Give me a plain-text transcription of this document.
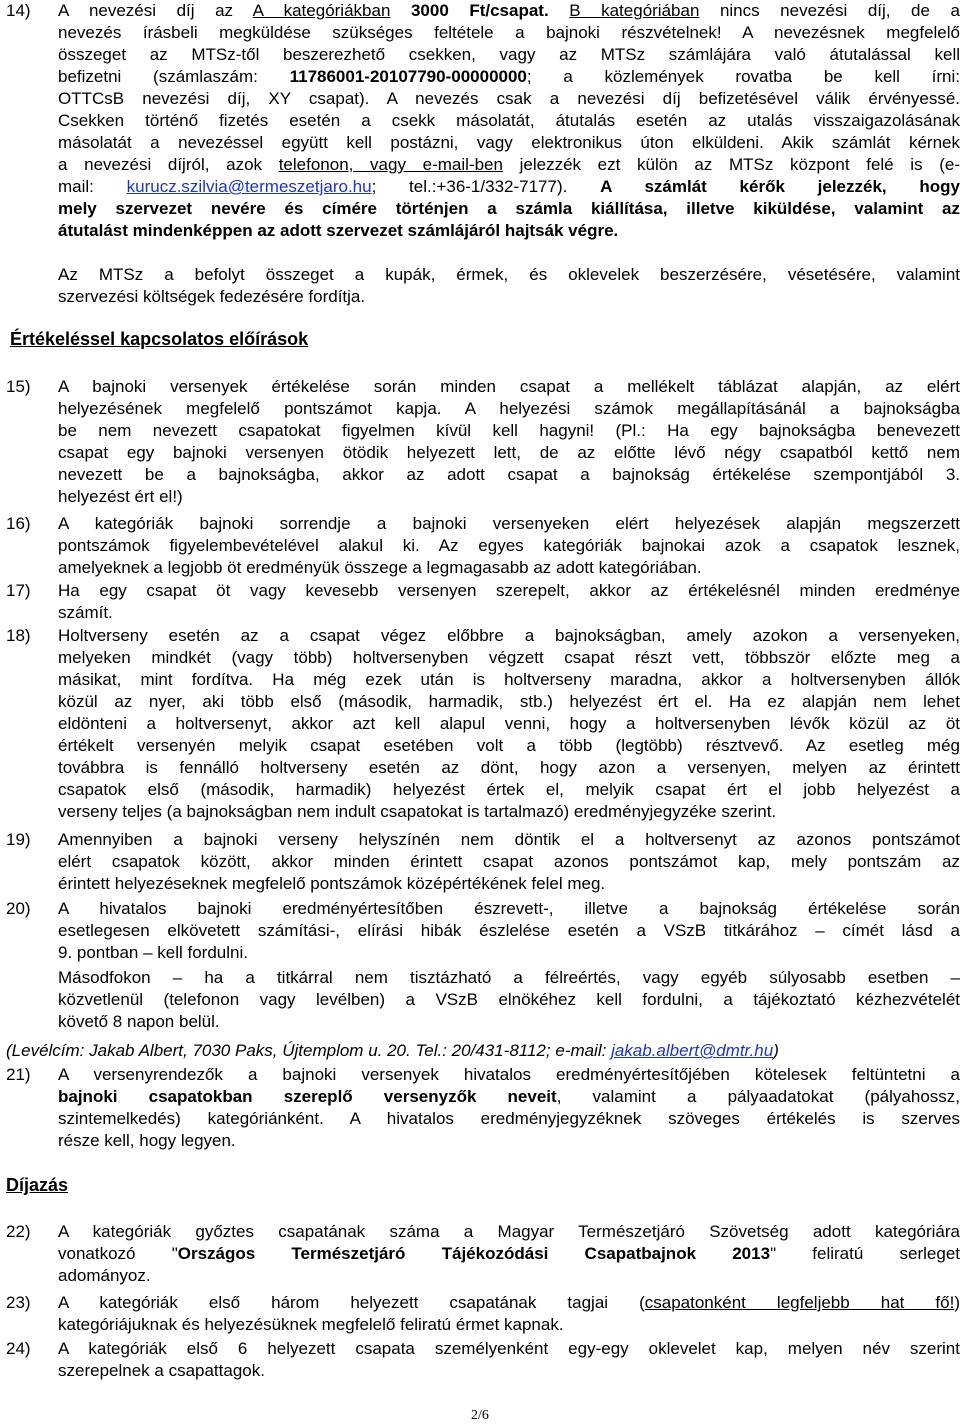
14)	A nevezési díj az A kategóriákban 3000 Ft/csapat. B kategóriában nincs nevezési díj, de a
nevezés írásbeli megküldése szükséges feltétele a bajnoki részvételnek! A nevezésnek megfelelő
összeget az MTSz-től beszerezhető csekken, vagy az MTSz számlájára való átutalással kell
befizetni (számlaszám: 11786001-20107790-00000000; a közlemények rovatba be kell írni:
OTTCsB nevezési díj, XY csapat). A nevezés csak a nevezési díj befizetésével válik érvényessé.
Csekken történő fizetés esetén a csekk másolatát, átutalás esetén az utalás visszaigazolásának
másolatát a nevezéssel együtt kell postázni, vagy elektronikus úton elküldeni. Akik számlát kérnek
a nevezési díjról, azok telefonon, vagy e-mail-ben jelezzék ezt külön az MTSz központ felé is (e-
mail: kurucz.szilvia@termeszetjaro.hu; tel.:+36-1/332-7177). A számlát kérők jelezzék, hogy
mely szervezet nevére és címére történjen a számla kiállítása, illetve kiküldése, valamint az
átutalást mindenképpen az adott szervezet számlájáról hajtsák végre.
Az MTSz a befolyt összeget a kupák, érmek, és oklevelek beszerzésére, vésetésére, valamint
szervezési költségek fedezésére fordítja.
Értékeléssel kapcsolatos előírások
15)	A bajnoki versenyek értékelése során minden csapat a mellékelt táblázat alapján, az elért
helyezésének megfelelő pontszámot kapja. A helyezési számok megállapításánál a bajnokságba
be nem nevezett csapatokat figyelmen kívül kell hagyni! (Pl.: Ha egy bajnokságba benevezett
csapat egy bajnoki versenyen ötödik helyezett lett, de az előtte lévő négy csapatból kettő nem
nevezett be a bajnokságba, akkor az adott csapat a bajnokság értékelése szempontjából 3.
helyezést ért el!)
16)	A kategóriák bajnoki sorrendje a bajnoki versenyeken elért helyezések alapján megszerzett
pontszámok figyelembevételével alakul ki. Az egyes kategóriák bajnokai azok a csapatok lesznek,
amelyeknek a legjobb öt eredményük összege a legmagasabb az adott kategóriában.
17)	Ha egy csapat öt vagy kevesebb versenyen szerepelt, akkor az értékelésnél minden eredménye
számít.
18)	Holtverseny esetén az a csapat végez előbbre a bajnokságban, amely azokon a versenyeken,
melyeken mindkét (vagy több) holtversenyben végzett csapat részt vett, többször előzte meg a
másikat, mint fordítva. Ha még ezek után is holtverseny maradna, akkor a holtversenyben állók
közül az nyer, aki több első (második, harmadik, stb.) helyezést ért el. Ha ez alapján nem lehet
eldönteni a holtversenyt, akkor azt kell alapul venni, hogy a holtversenyben lévők közül az öt
értékelt versenyén melyik csapat esetében volt a több (legtöbb) résztvevő. Az esetleg még
továbbra is fennálló holtverseny esetén az dönt, hogy azon a versenyen, melyen az érintett
csapatok első (második, harmadik) helyezést értek el, melyik csapat ért el jobb helyezést a
verseny teljes (a bajnokságban nem indult csapatokat is tartalmazó) eredményjegyzéke szerint.
19)	Amennyiben a bajnoki verseny helyszínén nem döntik el a holtversenyt az azonos pontszámot
elért csapatok között, akkor minden érintett csapat azonos pontszámot kap, mely pontszám az
érintett helyezéseknek megfelelő pontszámok középértékének felel meg.
20)	A hivatalos bajnoki eredményértesítőben észrevett-, illetve a bajnokság értékelése során
esetlegesen elkövetett számítási-, elírási hibák észlelése esetén a VSzB titkárához – címét lásd a
9. pontban – kell fordulni.
Másodfokon – ha a titkárral nem tisztázható a félreértés, vagy egyéb súlyosabb esetben –
közvetlenül (telefonon vagy levélben) a VSzB elnökéhez kell fordulni, a tájékoztató kézhezvételét
követő 8 napon belül.
(Levélcím: Jakab Albert, 7030 Paks, Újtemplom u. 20. Tel.: 20/431-8112; e-mail: jakab.albert@dmtr.hu)
21)	A versenyrendezők a bajnoki versenyek hivatalos eredményértesítőjében kötelesek feltüntetni a
bajnoki csapatokban szereplő versenyzők neveit, valamint a pályaadatokat (pályahossz,
szintemelkedés) kategóriánként. A hivatalos eredményjegyzéknek szöveges értékelés is szerves
része kell, hogy legyen.
Díjazás
22)	A kategóriák győztes csapatának száma a Magyar Természetjáró Szövetség adott kategóriára
vonatkozó "Országos Természetjáró Tájékozódási Csapatbajnok 2013" feliratú serleget
adományoz.
23)	A kategóriák első három helyezett csapatának tagjai (csapatonként legfeljebb hat fő!)
kategóriájuknak és helyezésüknek megfelelő feliratú érmet kapnak.
24)	A kategóriák első 6 helyezett csapata személyenként egy-egy oklevelet kap, melyen név szerint
szerepelnek a csapattagok.
2/6
